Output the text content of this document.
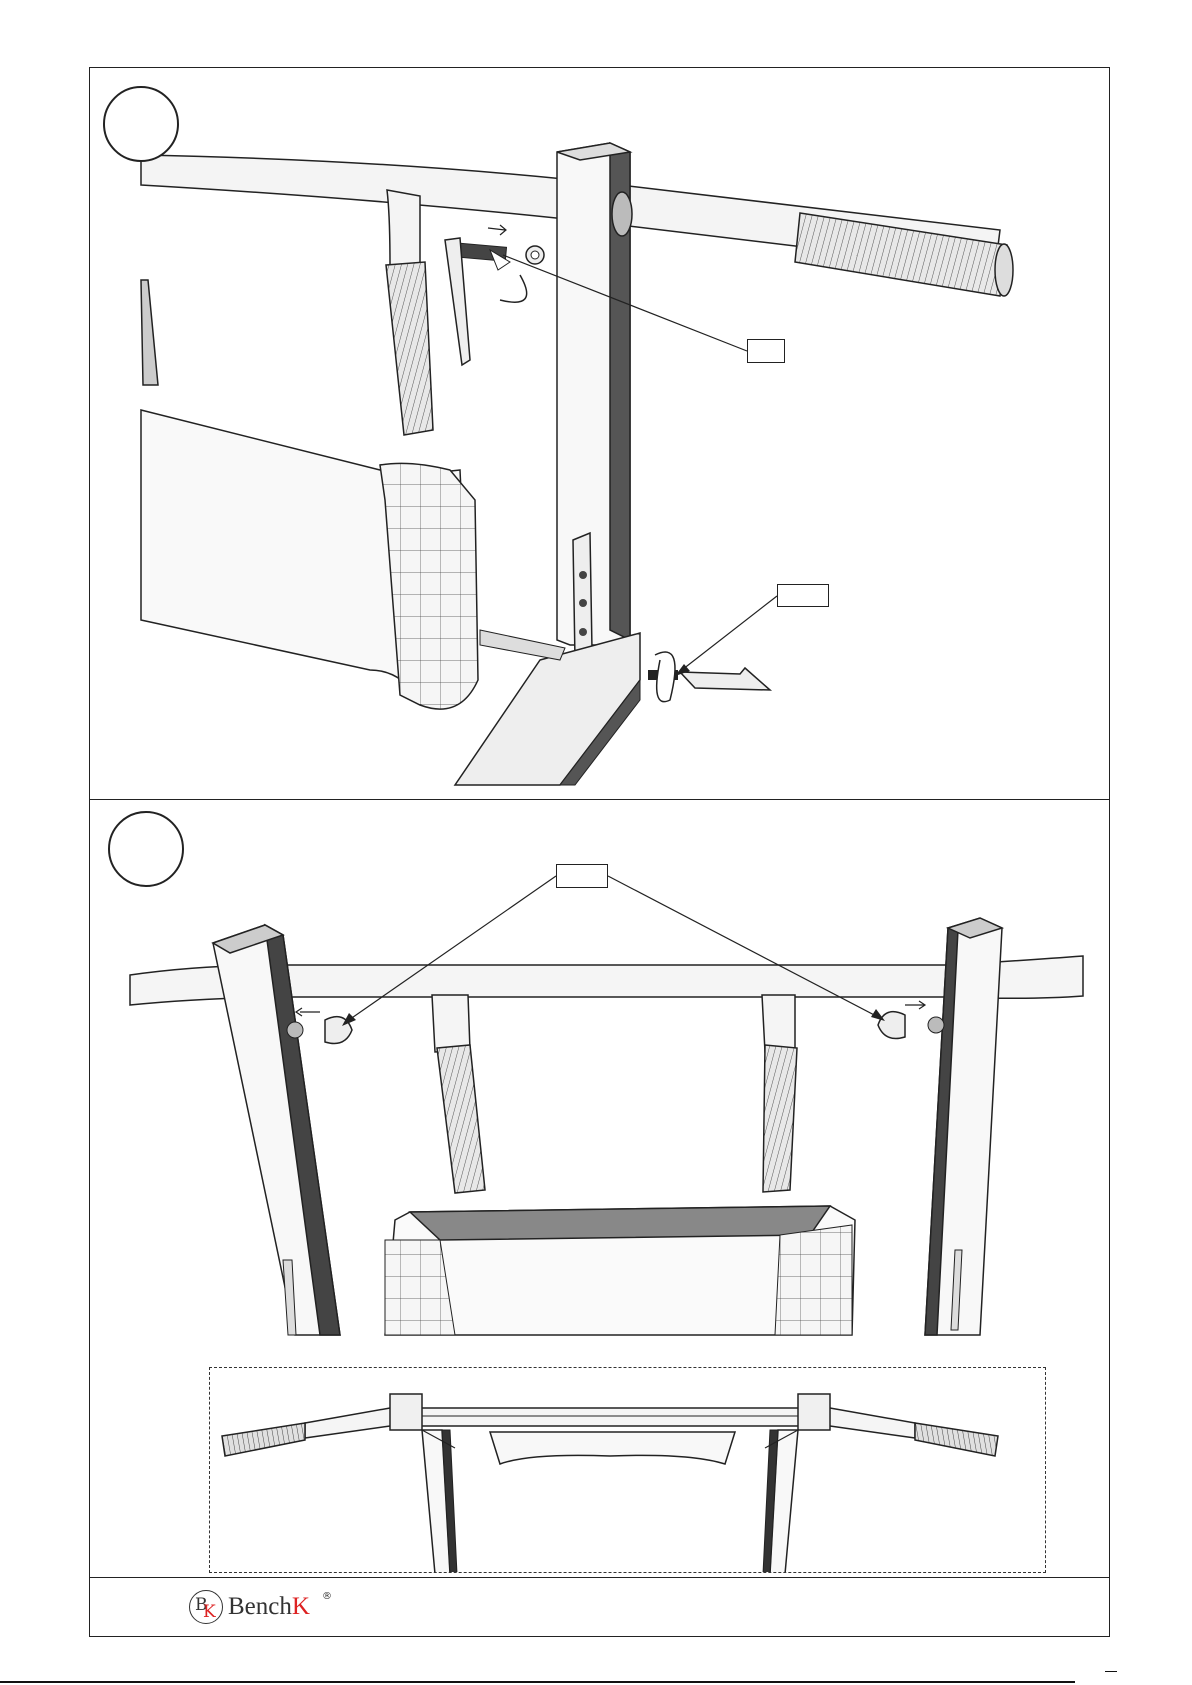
B
K BenchK ®
